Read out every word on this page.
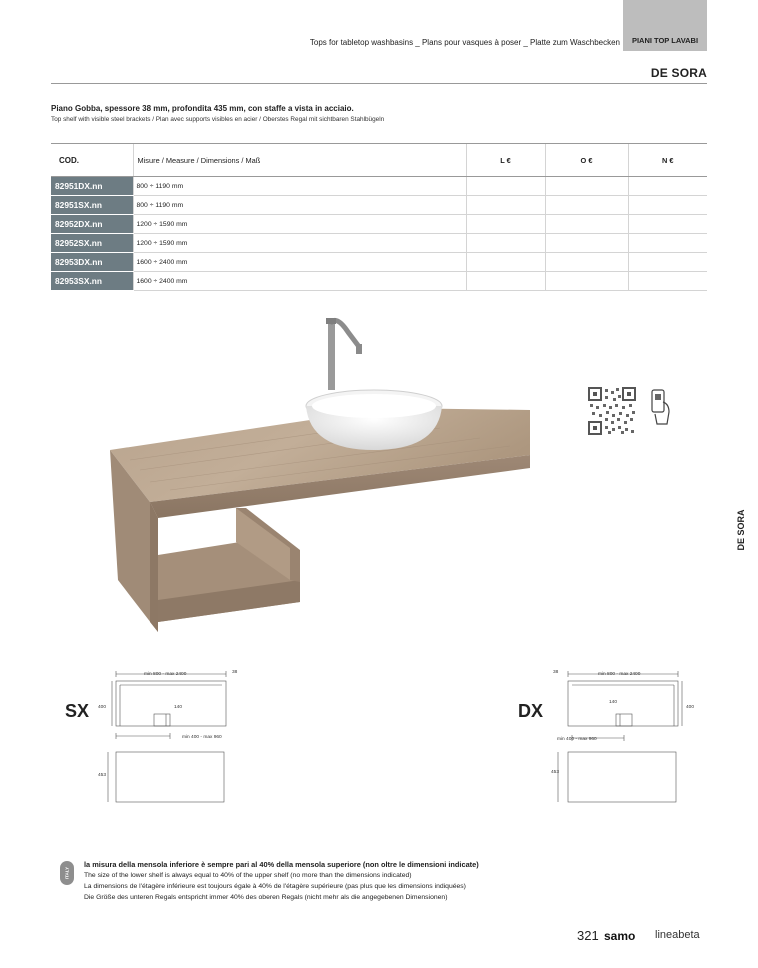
Tops for tabletop washbasins _ Plans pour vasques à poser _ Platte zum Waschbecken	PIANI TOP LAVABI
DE SORA
Piano Gobba, spessore 38 mm, profondita 435 mm, con staffe a vista in acciaio.
Top shelf with visible steel brackets / Plan avec supports visibles en acier / Oberstes Regal mit sichtbaren Stahlbügeln
COD.	Misure / Measure / Dimensions / Maß	L €	O €	N €
82951DX.nn	800 ÷ 1190 mm			
82951SX.nn	800 ÷ 1190 mm			
82952DX.nn	1200 ÷ 1590 mm			
82952SX.nn	1200 ÷ 1590 mm			
82953DX.nn	1600 ÷ 2400 mm			
82953SX.nn	1600 ÷ 2400 mm			
DE SORA
SX
min 800 - max 2400	38
400	140
min 400 - max 960
453
DX
min 800 - max 2400
38
400
140
min 400 - max 960
453
ITALY
la misura della mensola inferiore è sempre pari al 40% della mensola superiore (non oltre le dimensioni indicate)
The size of the lower shelf is always equal to 40% of the upper shelf (no more than the dimensions indicated)
La dimensions de l'étagère inférieure est toujours égale à 40% de l'étagère supérieure (pas plus que les dimensions indiquées)
Die Größe des unteren Regals entspricht immer 40% des oberen Regals (nicht mehr als die angegebenen Dimensionen)
321 samo lineabeta
